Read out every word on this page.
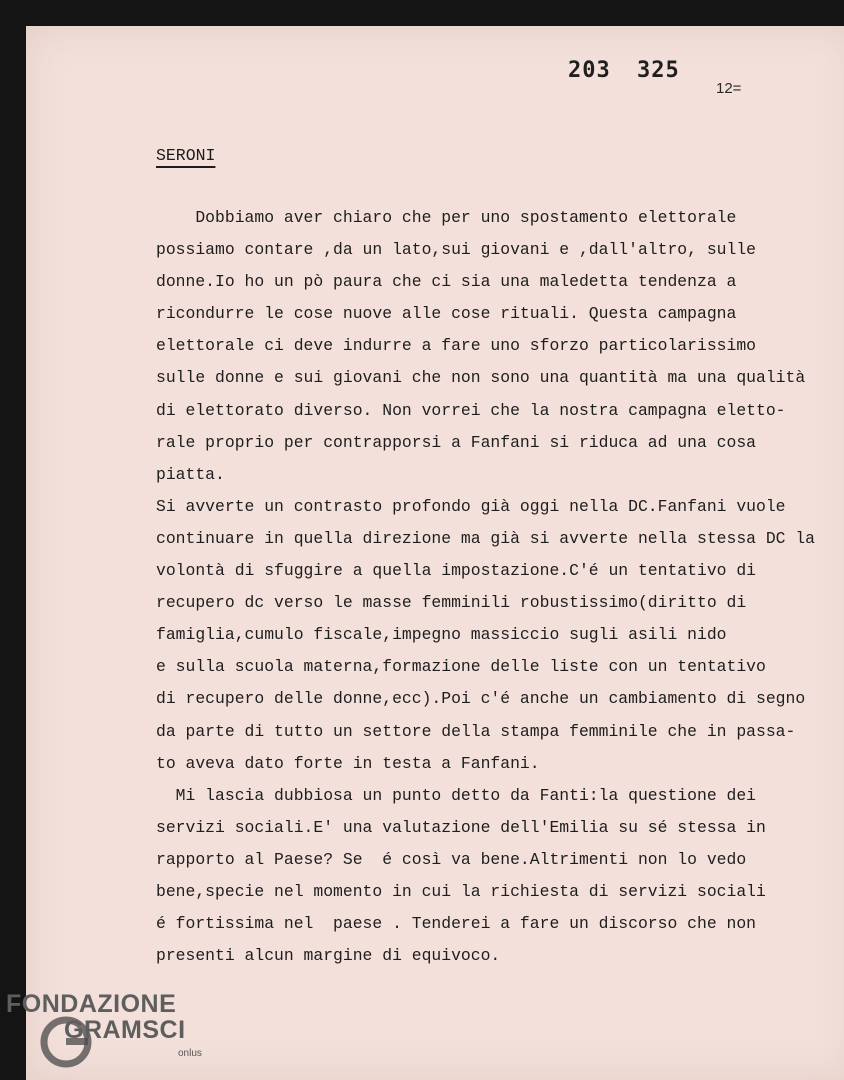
203 325
12=
SERONI
Dobbiamo aver chiaro che per uno spostamento elettorale
possiamo contare ,da un lato,sui giovani e ,dall'altro, sulle
donne.Io ho un pò paura che ci sia una maledetta tendenza a
ricondurre le cose nuove alle cose rituali. Questa campagna
elettorale ci deve indurre a fare uno sforzo particolarissimo
sulle donne e sui giovani che non sono una quantità ma una qualità
di elettorato diverso. Non vorrei che la nostra campagna eletto-
rale proprio per contrapporsi a Fanfani si riduca ad una cosa
piatta.
Si avverte un contrasto profondo già oggi nella DC.Fanfani vuole
continuare in quella direzione ma già si avverte nella stessa DC la
volontà di sfuggire a quella impostazione.C'é un tentativo di
recupero dc verso le masse femminili robustissimo(diritto di
famiglia,cumulo fiscale,impegno massiccio sugli asili nido
e sulla scuola materna,formazione delle liste con un tentativo
di recupero delle donne,ecc).Poi c'é anche un cambiamento di segno
da parte di tutto un settore della stampa femminile che in passa-
to aveva dato forte in testa a Fanfani.
Mi lascia dubbiosa un punto detto da Fanti:la questione dei
servizi sociali.E' una valutazione dell'Emilia su sé stessa in
rapporto al Paese? Se  é così va bene.Altrimenti non lo vedo
bene,specie nel momento in cui la richiesta di servizi sociali
é fortissima nel  paese . Tenderei a fare un discorso che non
presenti alcun margine di equivoco.
FONDAZIONE
GRAMSCI
onlus
